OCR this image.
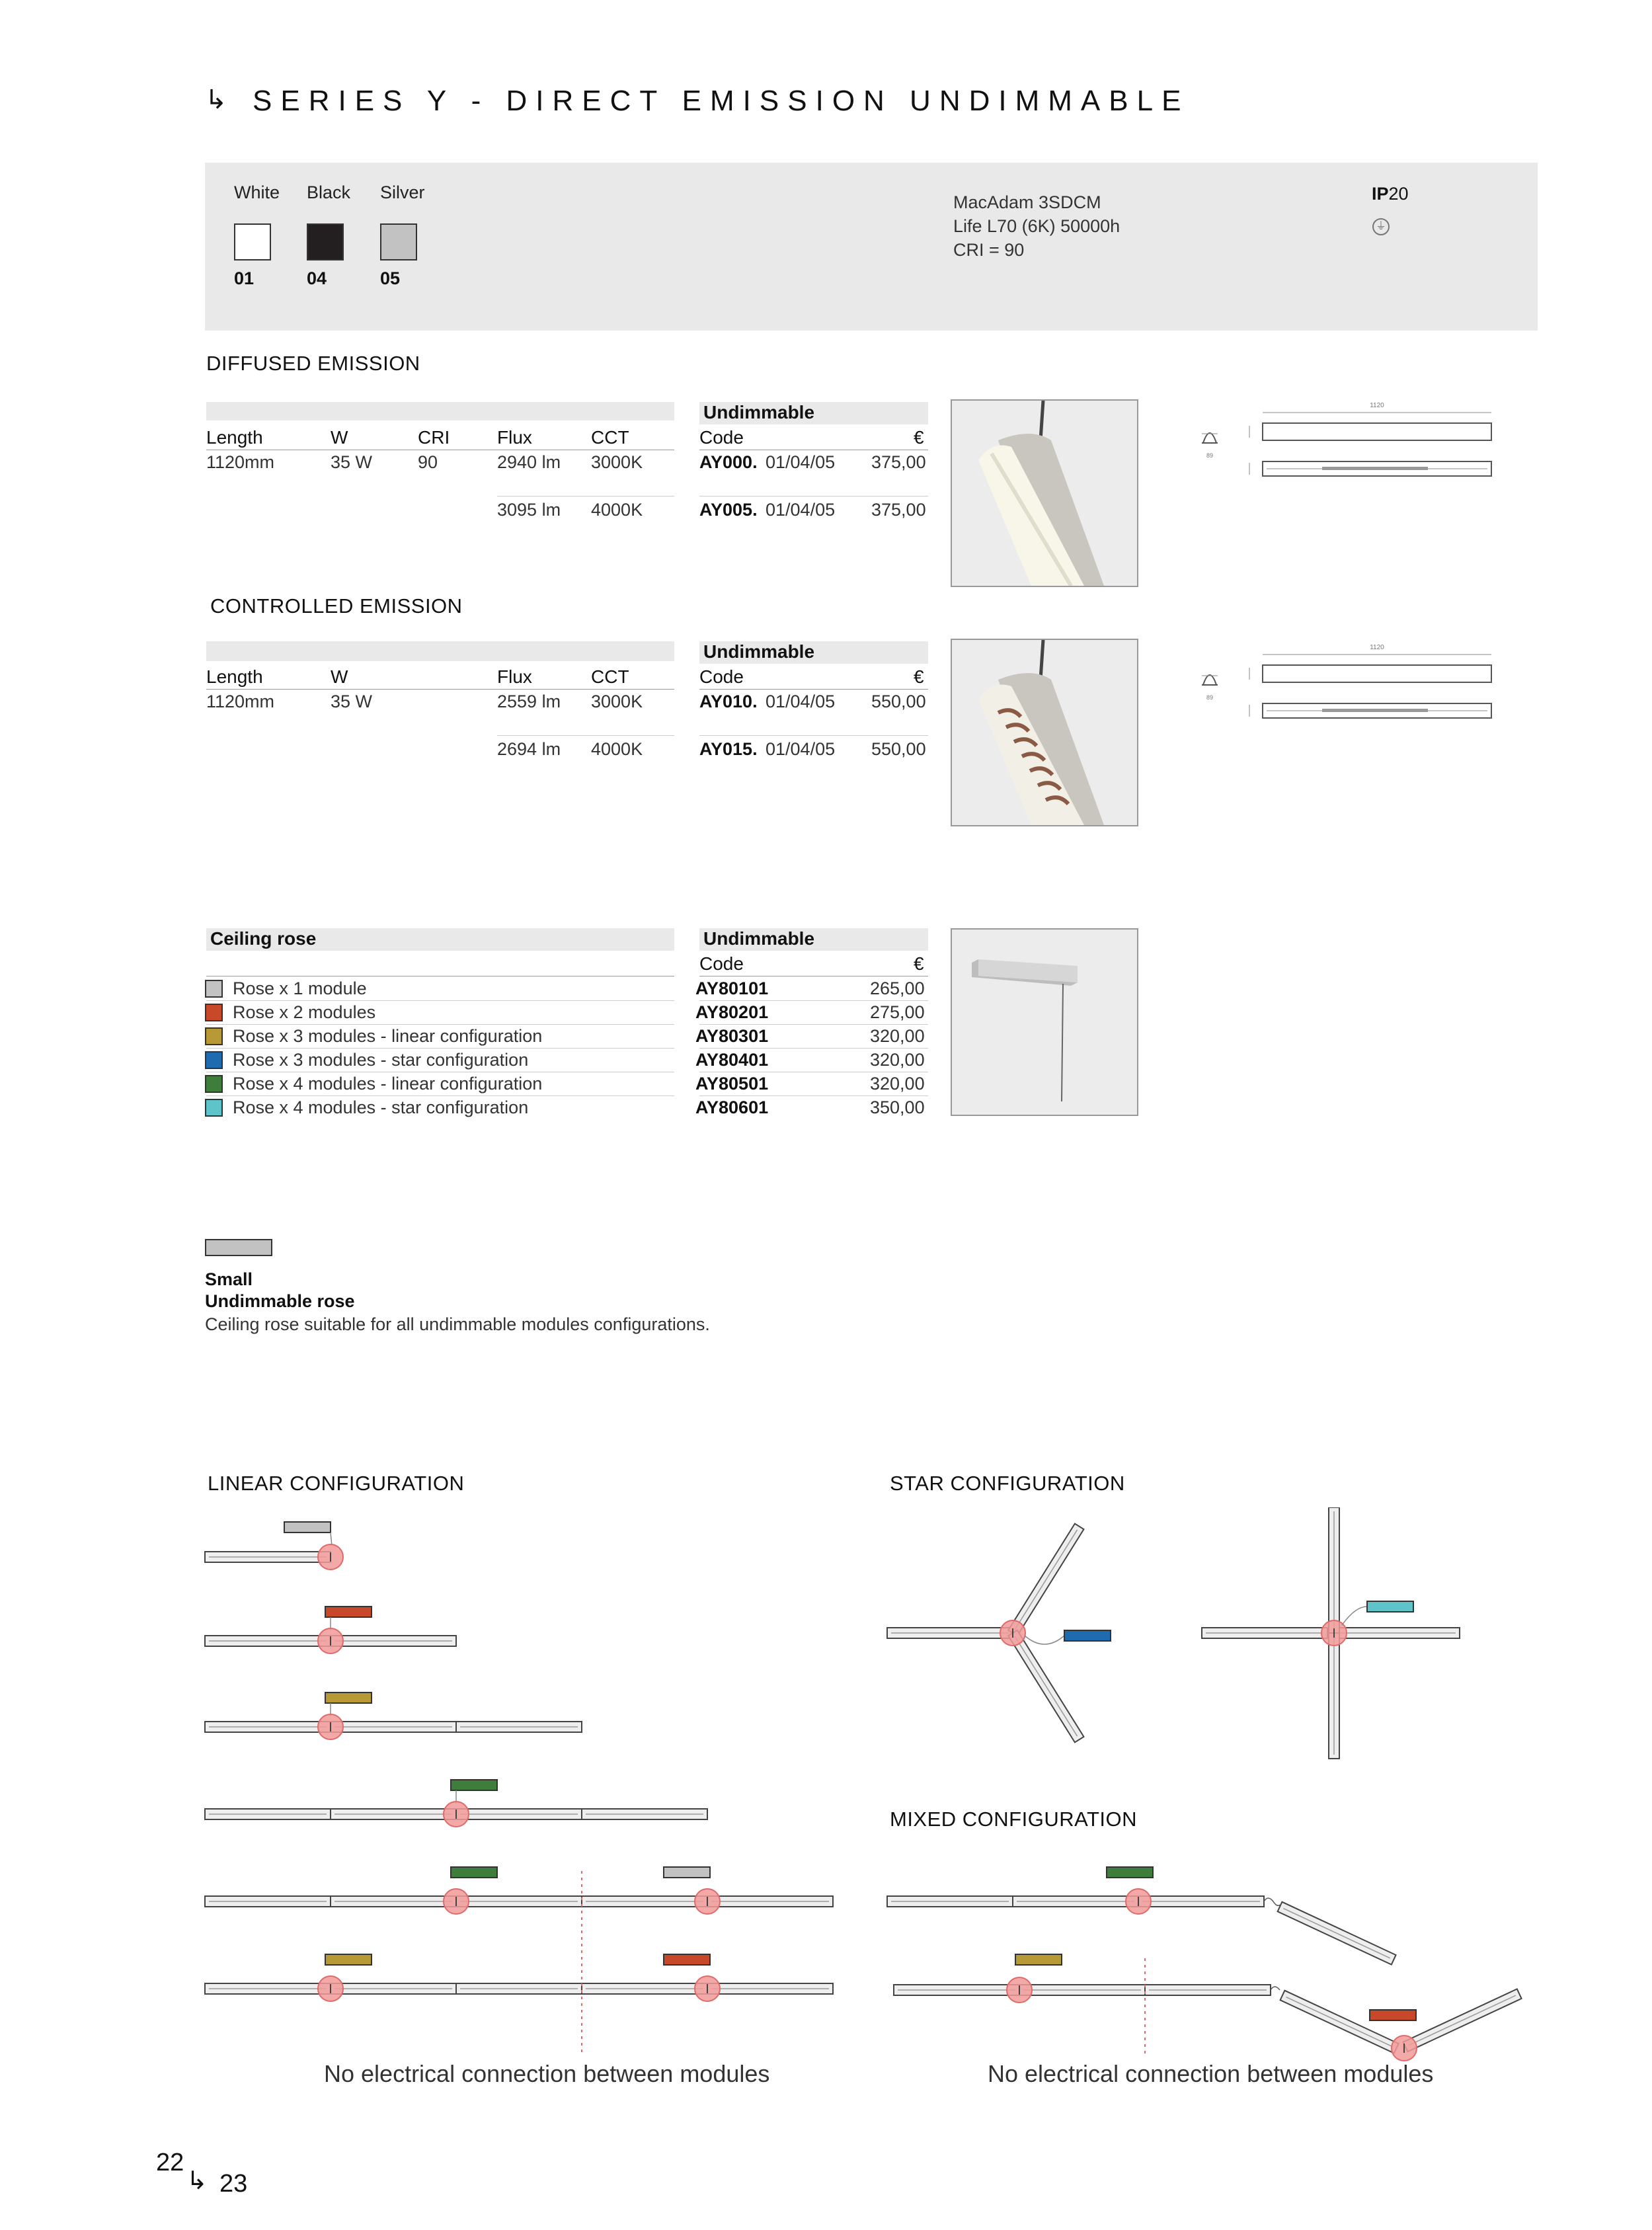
↳ SERIES Y - DIRECT EMISSION UNDIMMABLE
White Black Silver
01	04	05
MacAdam 3SDCM
Life L70 (6K) 50000h
CRI = 90
IP20
⏚
DIFFUSED EMISSION
Undimmable
Length	W	CRI	Flux	CCT	Code	€
1120mm	35 W	90	2940 lm 3000K	AY000. 01/04/05 375,00
3095 lm 4000K	AY005. 01/04/05 375,00
1120
89
CONTROLLED EMISSION
Undimmable
Length	W	Flux	CCT	Code	€
1120mm	35 W	2559 lm 3000K	AY010. 01/04/05 550,00
2694 lm 4000K	AY015. 01/04/05 550,00
1120
89
Ceiling rose	Undimmable
Code	€
Rose x 1 module	AY80101	265,00
Rose x 2 modules	AY80201	275,00
Rose x 3 modules - linear configuration	AY80301	320,00
Rose x 3 modules - star configuration	AY80401	320,00
Rose x 4 modules - linear configuration	AY80501	320,00
Rose x 4 modules - star configuration	AY80601	350,00
Small
Undimmable rose
Ceiling rose suitable for all undimmable modules configurations.
LINEAR CONFIGURATION	STAR CONFIGURATION
MIXED CONFIGURATION
No electrical connection between modules	No electrical connection between modules
22
↳ 23
